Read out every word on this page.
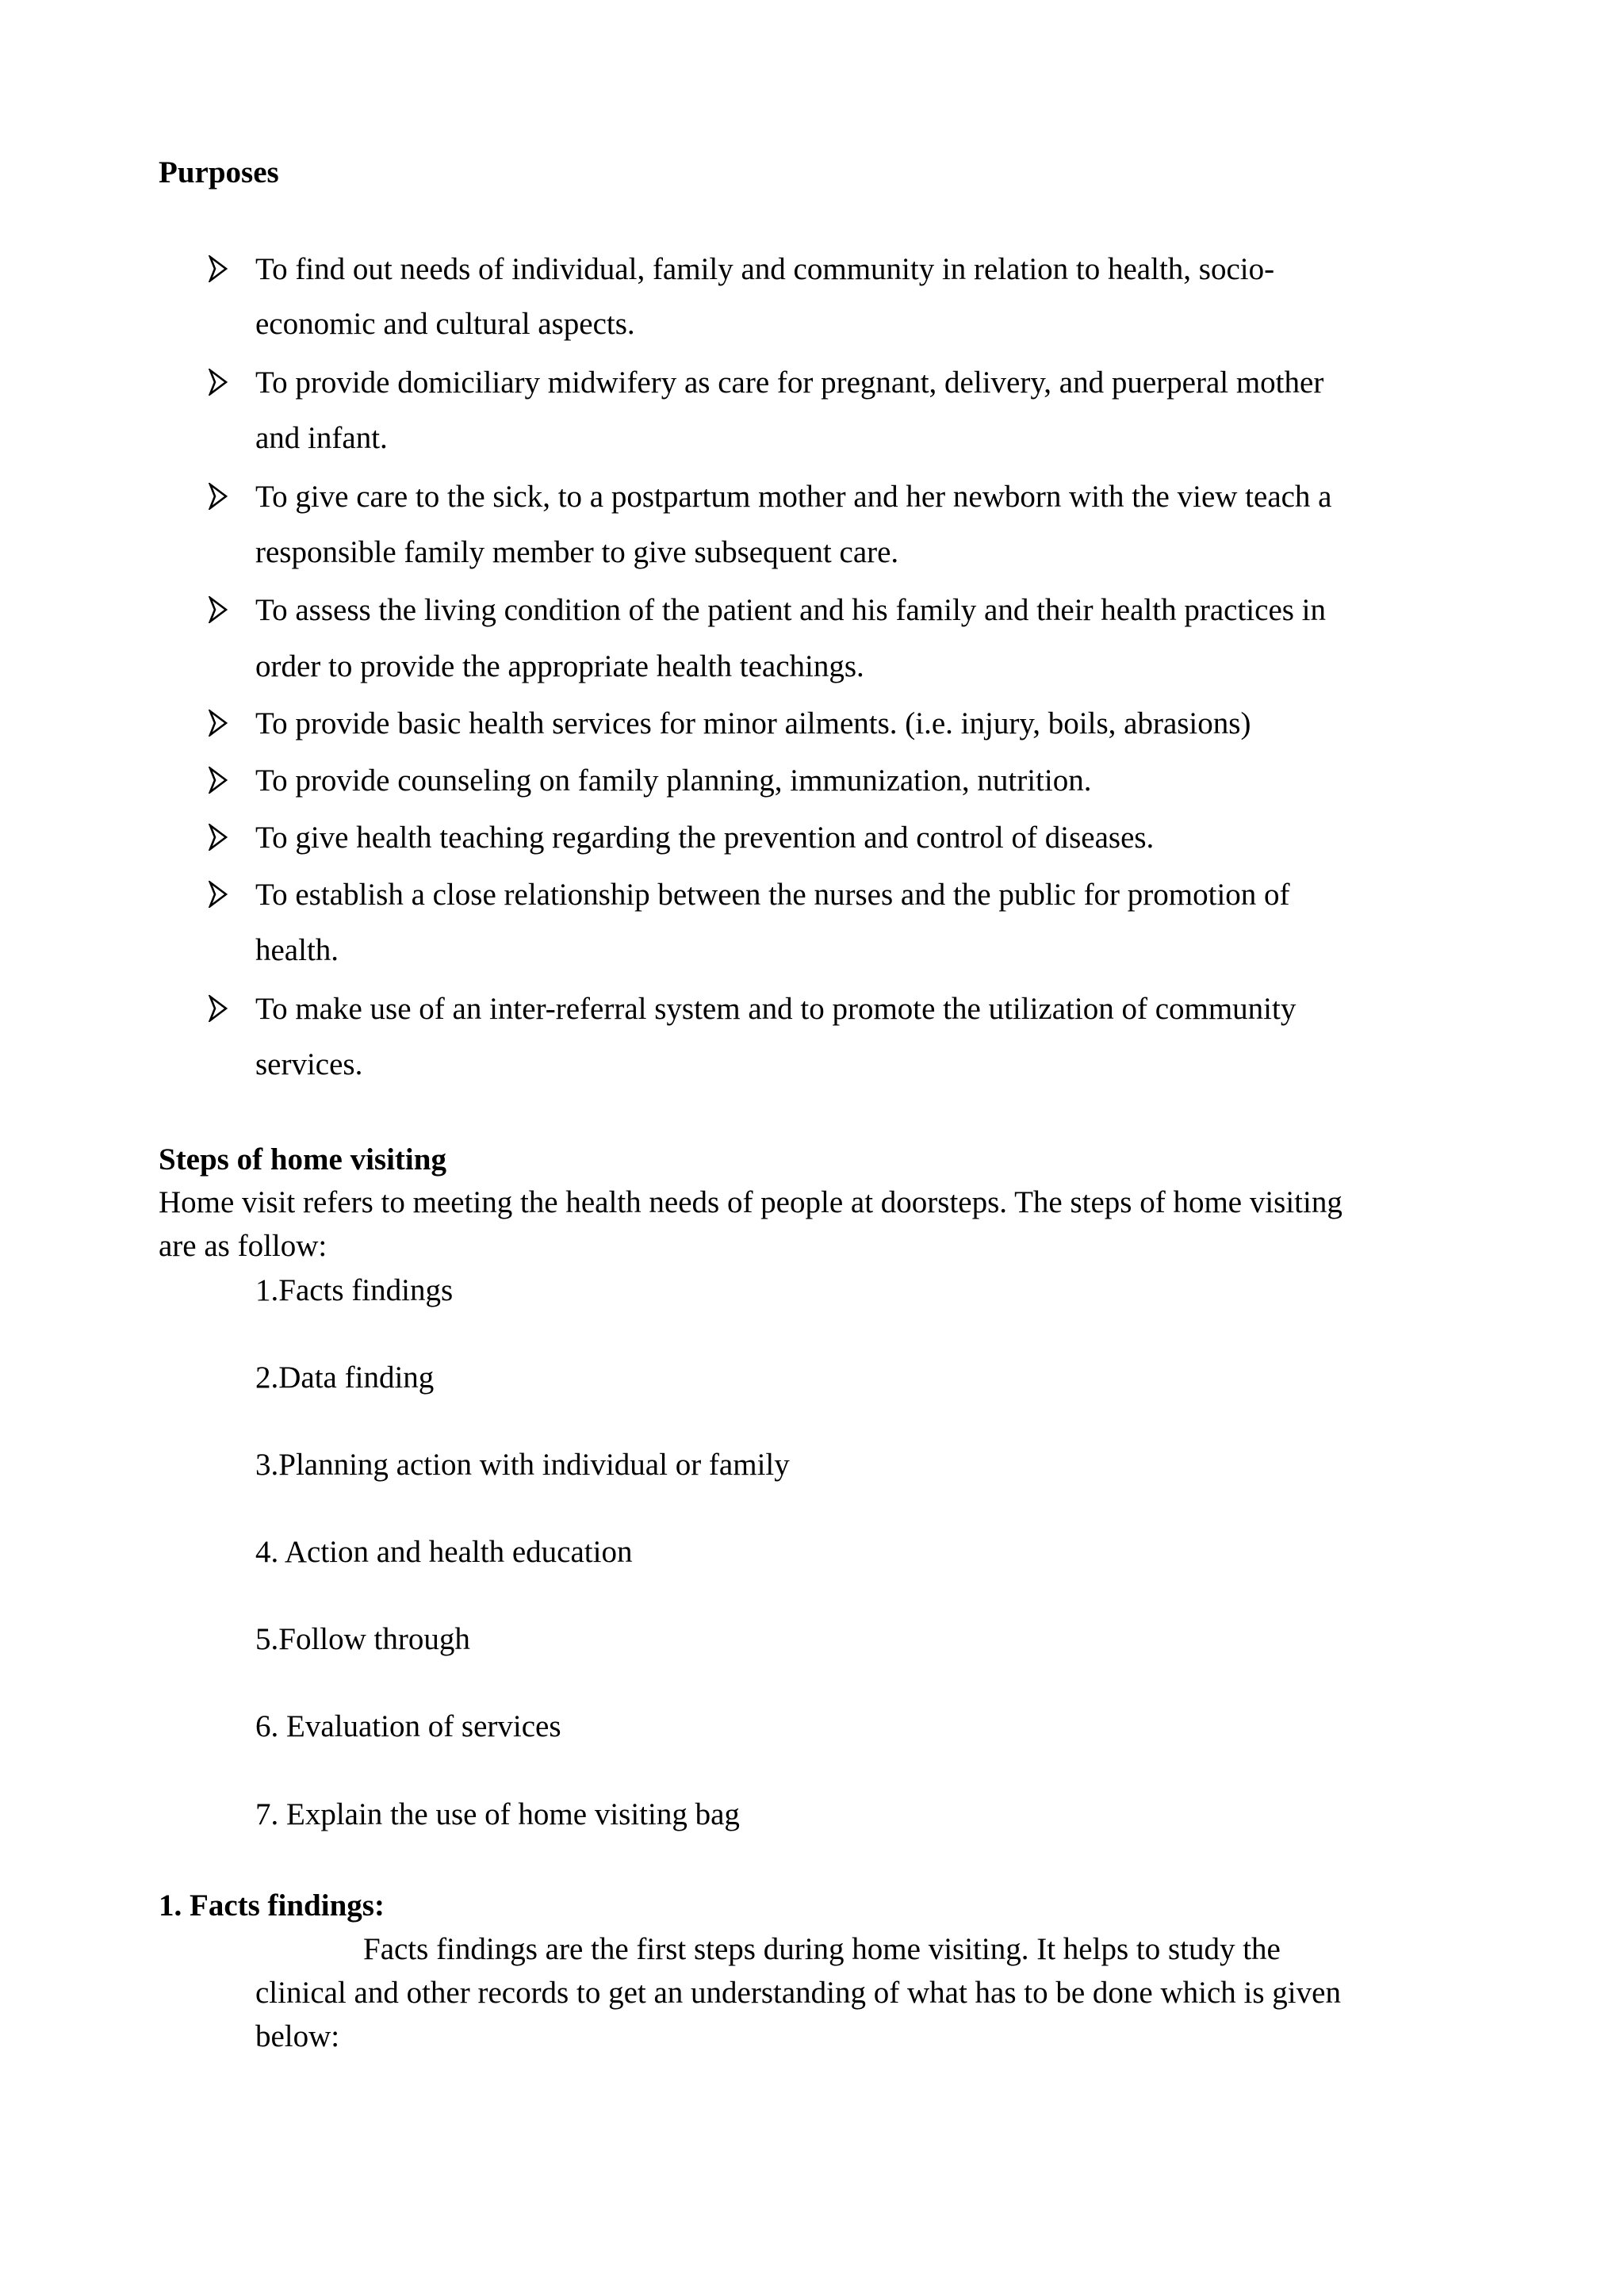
Purposes
To find out needs of individual, family and community in relation to health, socio-
economic and cultural aspects.
To provide domiciliary midwifery as care for pregnant, delivery, and puerperal mother
and infant.
To give care to the sick, to a postpartum mother and her newborn with the view teach a
responsible family member to give subsequent care.
To assess the living condition of the patient and his family and their health practices in
order to provide the appropriate health teachings.
To provide basic health services for minor ailments. (i.e. injury, boils, abrasions)
To provide counseling on family planning, immunization, nutrition.
To give health teaching regarding the prevention and control of diseases.
To establish a close relationship between the nurses and the public for promotion of
health.
To make use of an inter-referral system and to promote the utilization of community
services.
Steps of home visiting
Home visit refers to meeting the health needs of people at doorsteps. The steps of home visiting
are as follow:
1.Facts findings
2.Data finding
3.Planning action with individual or family
4. Action and health education
5.Follow through
6. Evaluation of services
7. Explain the use of home visiting bag
1. Facts findings:
Facts findings are the first steps during home visiting. It helps to study the
clinical and other records to get an understanding of what has to be done which is given
below:
